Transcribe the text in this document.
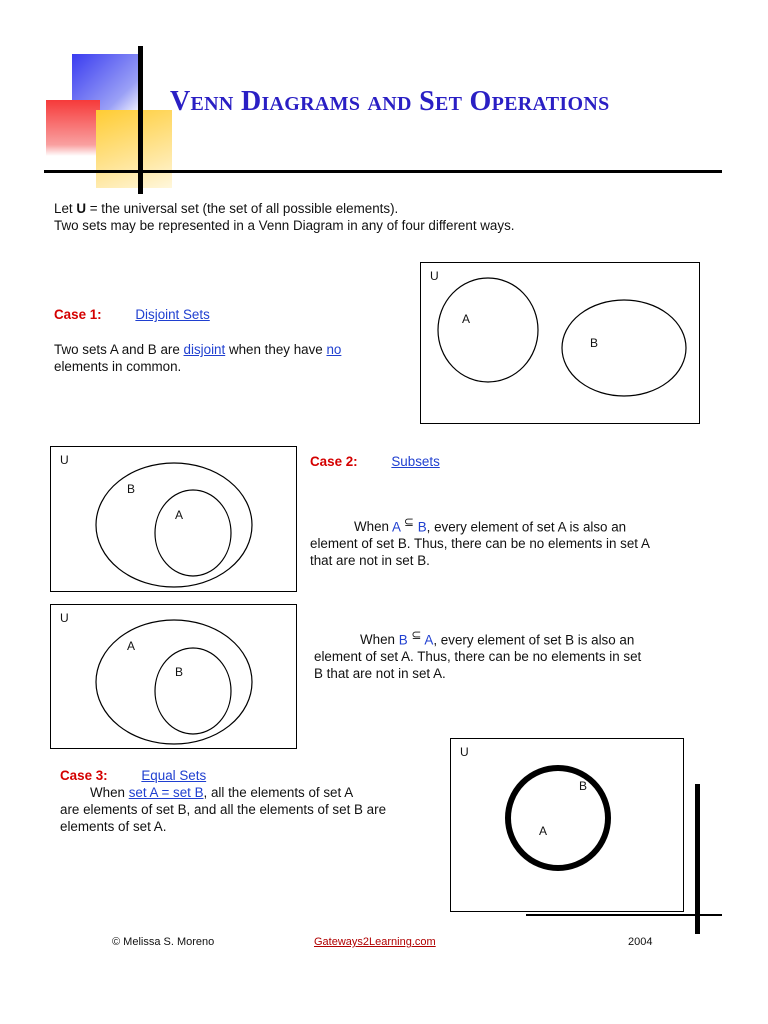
Venn Diagrams and Set Operations
Let U = the universal set (the set of all possible elements).
Two sets may be represented in a Venn Diagram in any of four different ways.
Case 1:	Disjoint Sets
Two sets A and B are disjoint when they have no
elements in common.
U
A
B
U
B
A
Case 2:	Subsets
When A ⊆ B, every element of set A is also an
element of set B. Thus, there can be no elements in set A
that are not in set B.
U
A
B
When B ⊆ A, every element of set B is also an
element of set A. Thus, there can be no elements in set
B that are not in set A.
Case 3:	Equal Sets
When set A = set B, all the elements of set A
are elements of set B, and all the elements of set B are
elements of set A.
U
B
A
© Melissa S. Moreno	Gateways2Learning.com	2004
